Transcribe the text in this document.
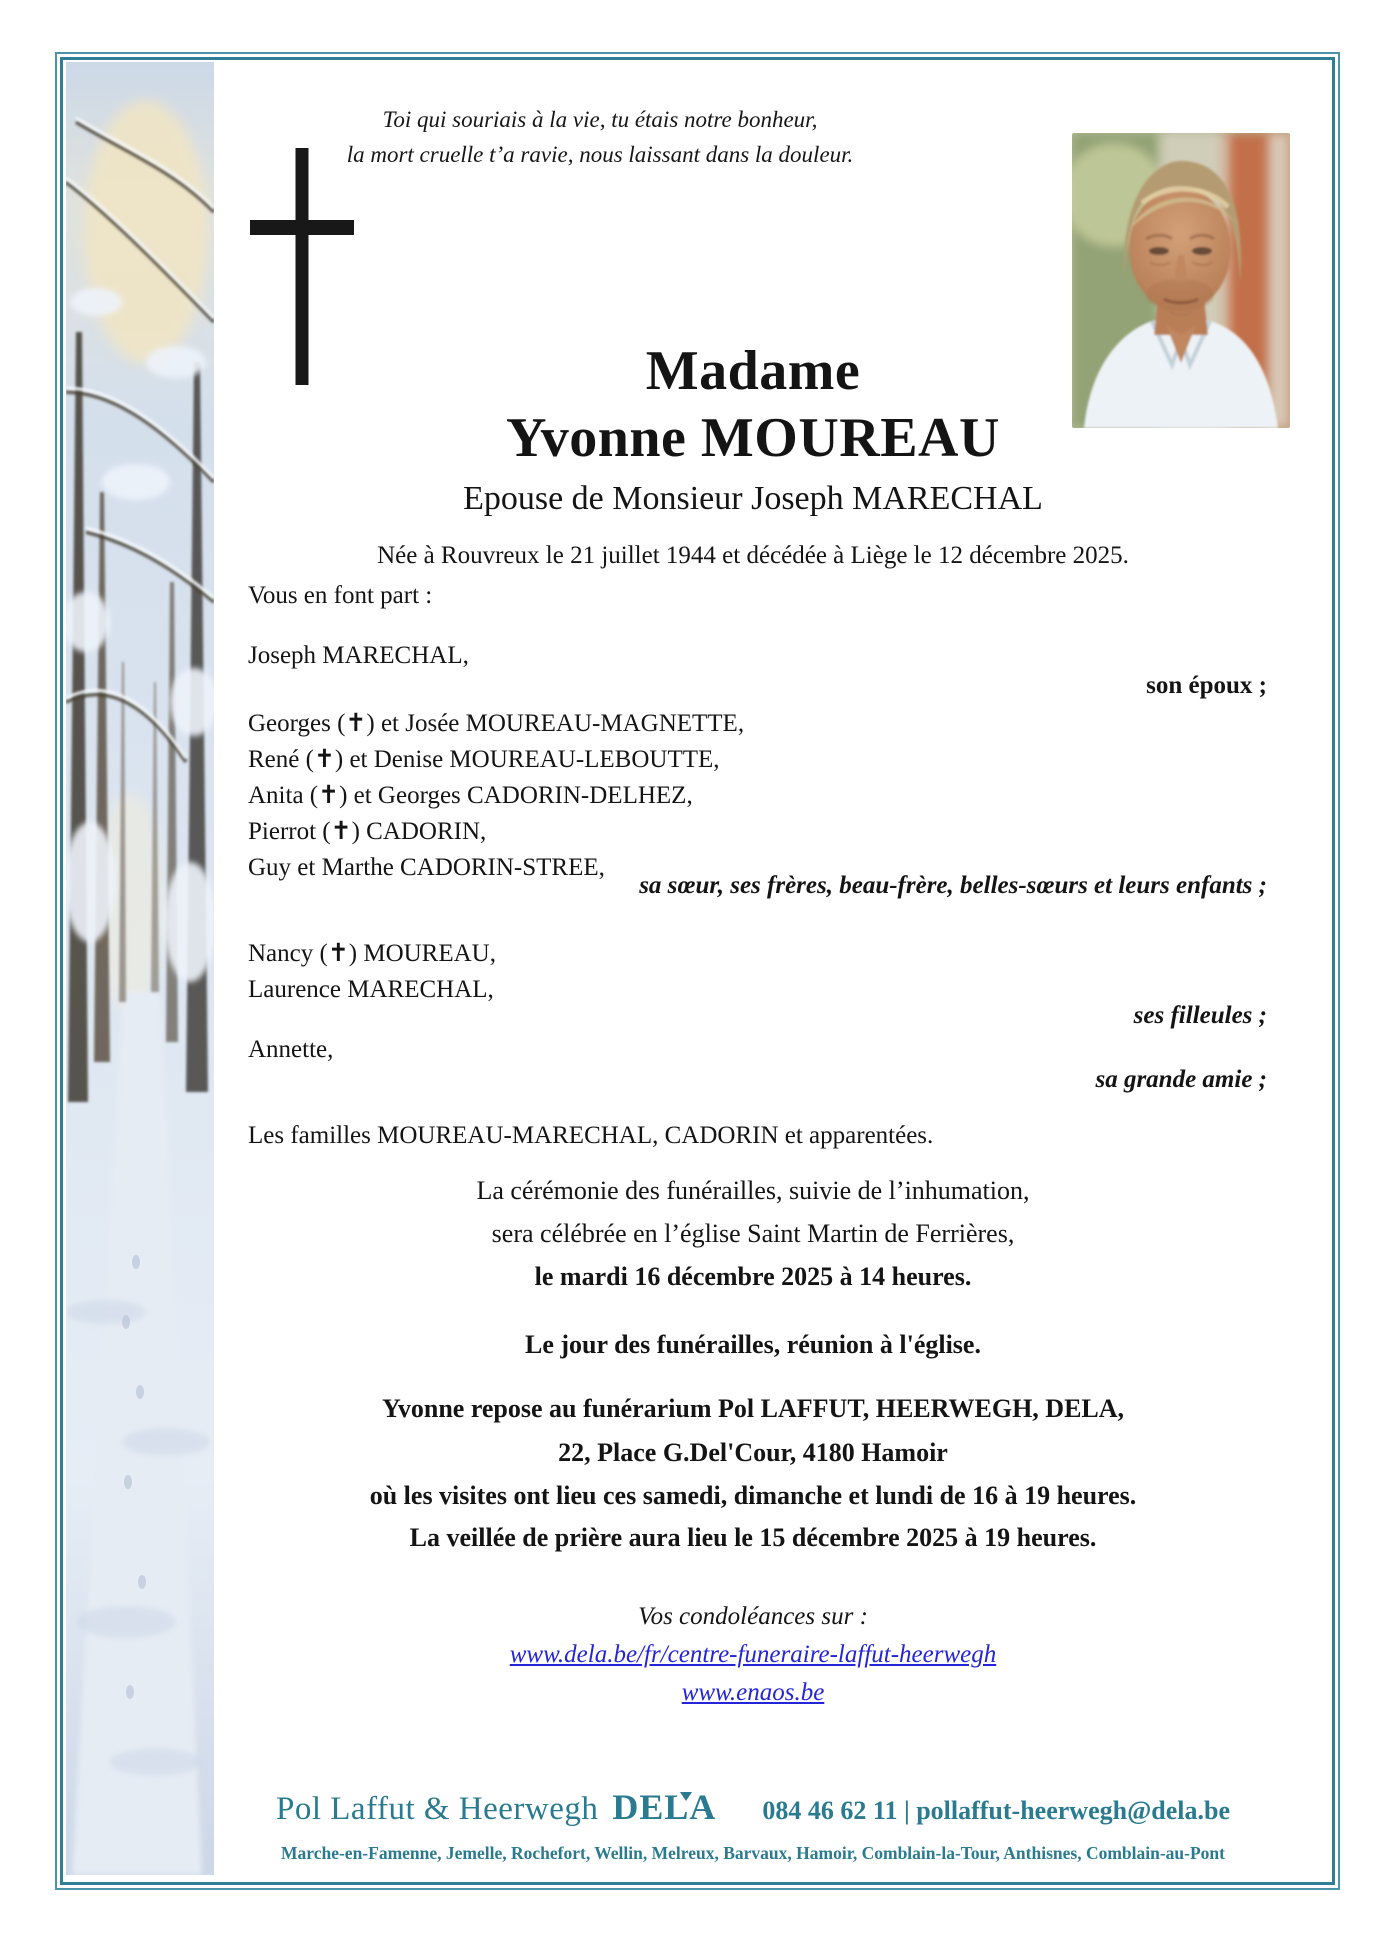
Toi qui souriais à la vie, tu étais notre bonheur,
la mort cruelle t’a ravie, nous laissant dans la douleur.
Madame
Yvonne MOUREAU
Epouse de Monsieur Joseph MARECHAL
Née à Rouvreux le 21 juillet 1944 et décédée à Liège le 12 décembre 2025.
Vous en font part :
Joseph MARECHAL,
son époux ;
Georges (✝) et Josée MOUREAU-MAGNETTE,
René (✝) et Denise MOUREAU-LEBOUTTE,
Anita (✝) et Georges CADORIN-DELHEZ,
Pierrot (✝) CADORIN,
Guy et Marthe CADORIN-STREE,
sa sœur, ses frères, beau-frère, belles-sœurs et leurs enfants ;
Nancy (✝) MOUREAU,
Laurence MARECHAL,
ses filleules ;
Annette,
sa grande amie ;
Les familles MOUREAU-MARECHAL, CADORIN et apparentées.
La cérémonie des funérailles, suivie de l’inhumation,
sera célébrée en l’église Saint Martin de Ferrières,
le mardi 16 décembre 2025 à 14 heures.
Le jour des funérailles, réunion à l'église.
Yvonne repose au funérarium Pol LAFFUT, HEERWEGH, DELA,
22, Place G.Del'Cour, 4180 Hamoir
où les visites ont lieu ces samedi, dimanche et lundi de 16 à 19 heures.
La veillée de prière aura lieu le 15 décembre 2025 à 19 heures.
Vos condoléances sur :
www.dela.be/fr/centre-funeraire-laffut-heerwegh
www.enaos.be
Pol Laffut & Heerwegh DELA 084 46 62 11 | pollaffut-heerwegh@dela.be
Marche-en-Famenne, Jemelle, Rochefort, Wellin, Melreux, Barvaux, Hamoir, Comblain-la-Tour, Anthisnes, Comblain-au-Pont
